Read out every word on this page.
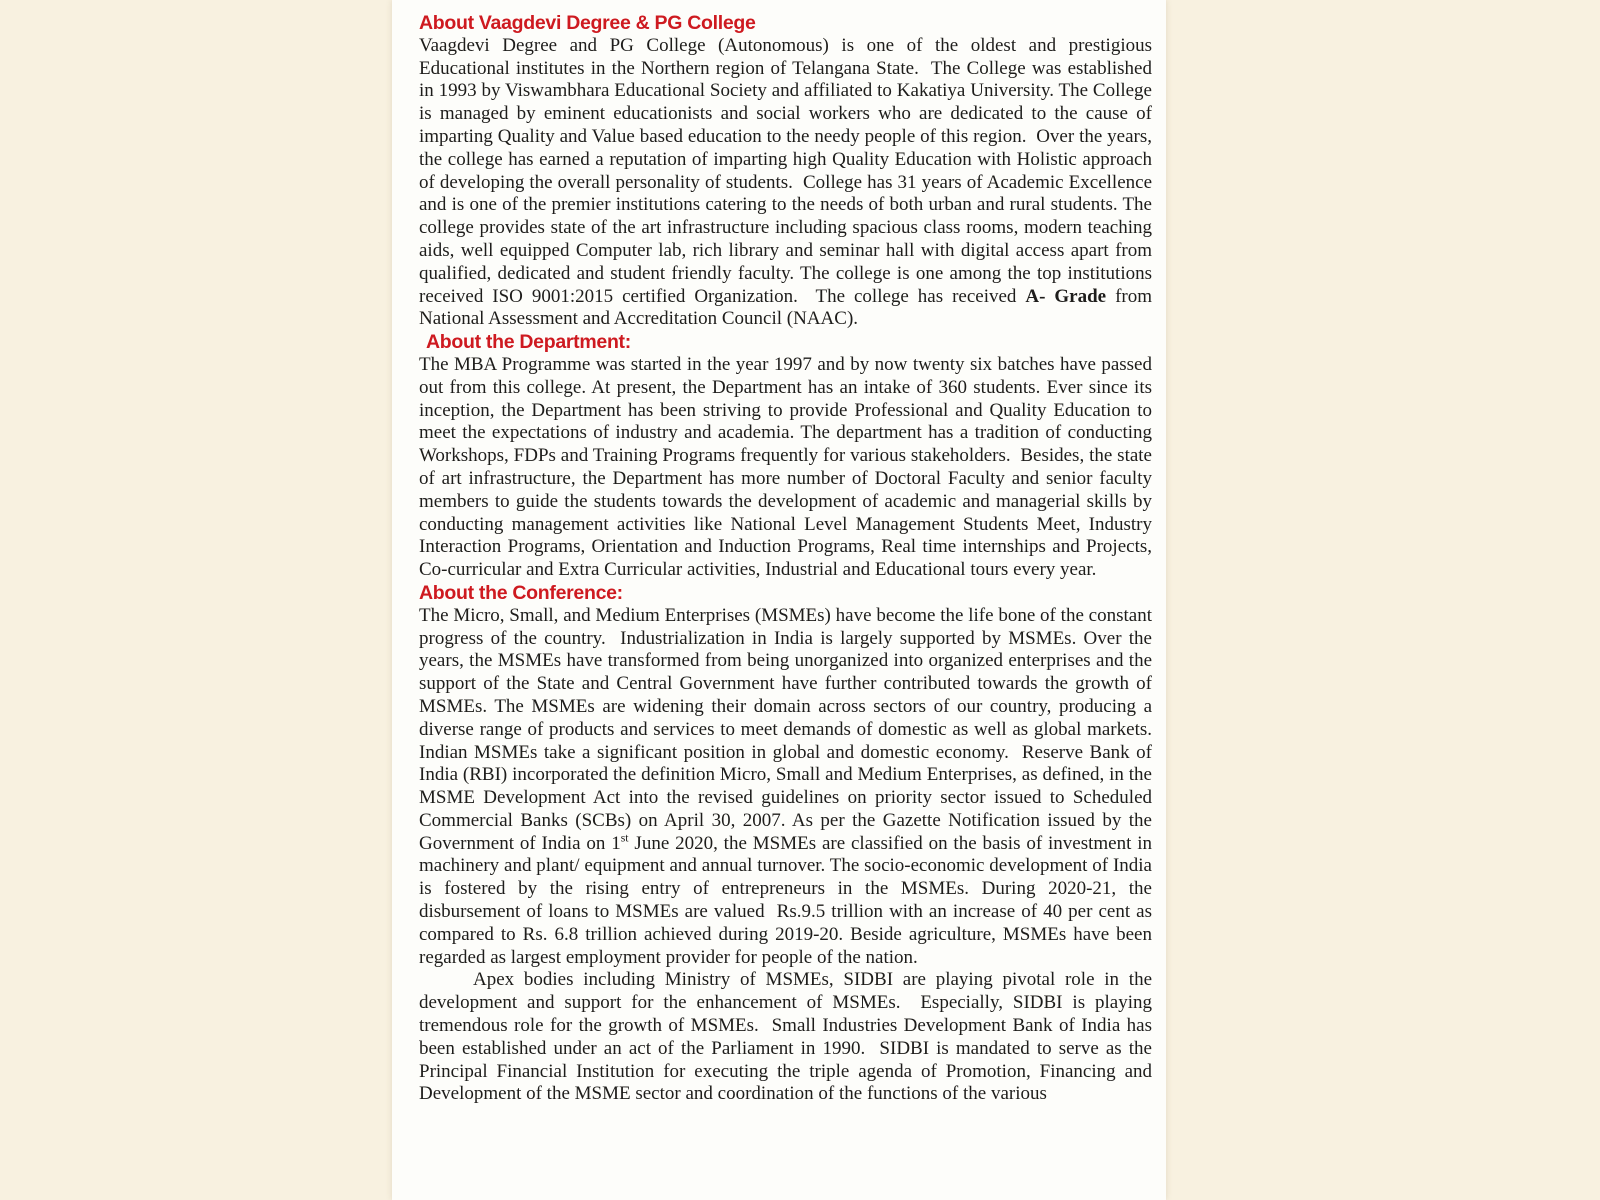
About Vaagdevi Degree & PG College

Vaagdevi Degree and PG College (Autonomous) is one of the oldest and prestigious Educational institutes in the Northern region of Telangana State.  The College was established in 1993 by Viswambhara Educational Society and affiliated to Kakatiya University. The College is managed by eminent educationists and social workers who are dedicated to the cause of imparting Quality and Value based education to the needy people of this region.  Over the years, the college has earned a reputation of imparting high Quality Education with Holistic approach of developing the overall personality of students.  College has 31 years of Academic Excellence and is one of the premier institutions catering to the needs of both urban and rural students. The college provides state of the art infrastructure including spacious class rooms, modern teaching aids, well equipped Computer lab, rich library and seminar hall with digital access apart from qualified, dedicated and student friendly faculty. The college is one among the top institutions received ISO 9001:2015 certified Organization.  The college has received A- Grade from National Assessment and Accreditation Council (NAAC).

About the Department:

The MBA Programme was started in the year 1997 and by now twenty six batches have passed out from this college. At present, the Department has an intake of 360 students. Ever since its inception, the Department has been striving to provide Professional and Quality Education to meet the expectations of industry and academia. The department has a tradition of conducting Workshops, FDPs and Training Programs frequently for various stakeholders.  Besides, the state of art infrastructure, the Department has more number of Doctoral Faculty and senior faculty members to guide the students towards the development of academic and managerial skills by conducting management activities like National Level Management Students Meet, Industry Interaction Programs, Orientation and Induction Programs, Real time internships and Projects, Co-curricular and Extra Curricular activities, Industrial and Educational tours every year.

About the Conference:

The Micro, Small, and Medium Enterprises (MSMEs) have become the life bone of the constant progress of the country.  Industrialization in India is largely supported by MSMEs. Over the years, the MSMEs have transformed from being unorganized into organized enterprises and the support of the State and Central Government have further contributed towards the growth of MSMEs. The MSMEs are widening their domain across sectors of our country, producing a diverse range of products and services to meet demands of domestic as well as global markets. Indian MSMEs take a significant position in global and domestic economy.  Reserve Bank of India (RBI) incorporated the definition Micro, Small and Medium Enterprises, as defined, in the MSME Development Act into the revised guidelines on priority sector issued to Scheduled Commercial Banks (SCBs) on April 30, 2007. As per the Gazette Notification issued by the Government of India on 1st June 2020, the MSMEs are classified on the basis of investment in machinery and plant/ equipment and annual turnover. The socio-economic development of India is fostered by the rising entry of entrepreneurs in the MSMEs. During 2020-21, the disbursement of loans to MSMEs are valued  Rs.9.5 trillion with an increase of 40 per cent as compared to Rs. 6.8 trillion achieved during 2019-20. Beside agriculture, MSMEs have been regarded as largest employment provider for people of the nation.

Apex bodies including Ministry of MSMEs, SIDBI are playing pivotal role in the development and support for the enhancement of MSMEs.  Especially, SIDBI is playing tremendous role for the growth of MSMEs.  Small Industries Development Bank of India has been established under an act of the Parliament in 1990.  SIDBI is mandated to serve as the Principal Financial Institution for executing the triple agenda of Promotion, Financing and Development of the MSME sector and coordination of the functions of the various
